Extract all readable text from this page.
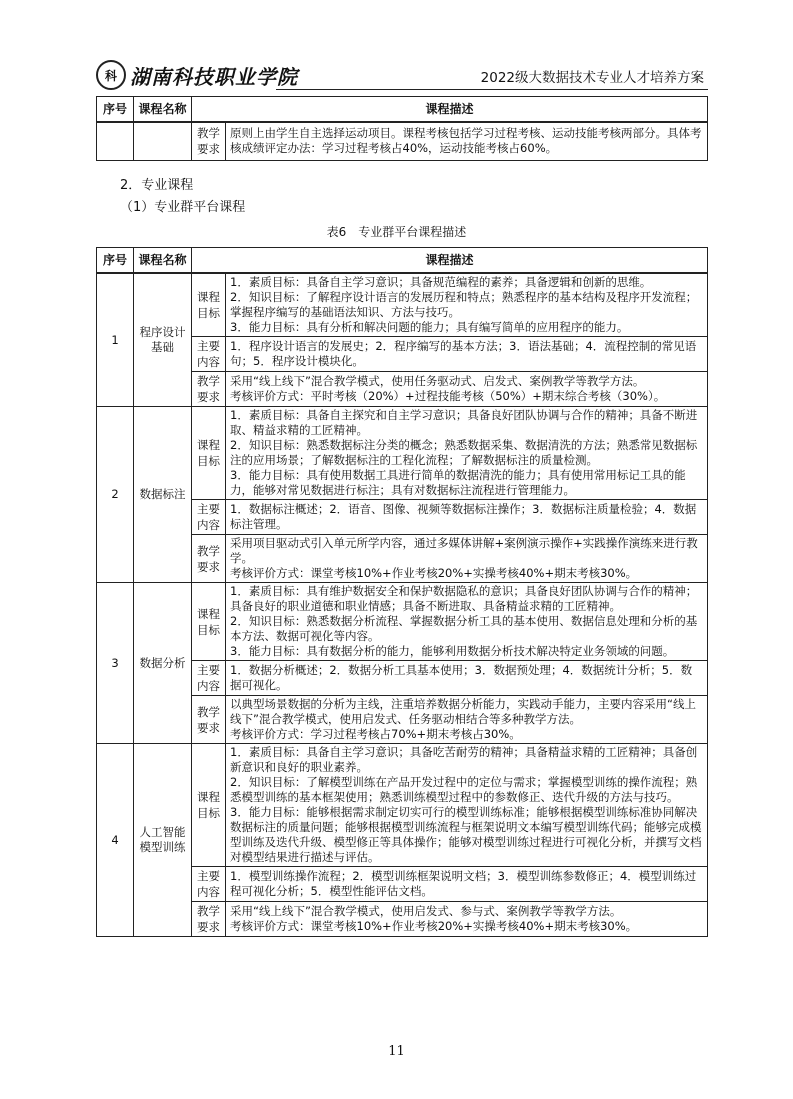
科 湖南科技职业学院	2022级大数据技术专业人才培养方案
序号	课程名称	课程描述	
		教学要求	原则上由学生自主选择运动项目。课程考核包括学习过程考核、运动技能考核两部分。具体考核成绩评定办法：学习过程考核占40%，运动技能考核占60%。
2．专业课程
（1）专业群平台课程
表6　专业群平台课程描述
序号	课程名称	课程描述	
1	程序设计基础	课程目标	1．素质目标：具备自主学习意识；具备规范编程的素养；具备逻辑和创新的思维。
2．知识目标：了解程序设计语言的发展历程和特点；熟悉程序的基本结构及程序开发流程；掌握程序编写的基础语法知识、方法与技巧。
3．能力目标：具有分析和解决问题的能力；具有编写简单的应用程序的能力。
		主要内容	1．程序设计语言的发展史；2．程序编写的基本方法；3．语法基础；4．流程控制的常见语句；5．程序设计模块化。
		教学要求	采用“线上线下”混合教学模式，使用任务驱动式、启发式、案例教学等教学方法。
考核评价方式：平时考核（20%）+过程技能考核（50%）+期末综合考核（30%）。
2	数据标注	课程目标	1．素质目标：具备自主探究和自主学习意识；具备良好团队协调与合作的精神；具备不断进取、精益求精的工匠精神。
2．知识目标：熟悉数据标注分类的概念；熟悉数据采集、数据清洗的方法；熟悉常见数据标注的应用场景；了解数据标注的工程化流程；了解数据标注的质量检测。
3．能力目标：具有使用数据工具进行简单的数据清洗的能力；具有使用常用标记工具的能力，能够对常见数据进行标注；具有对数据标注流程进行管理能力。
		主要内容	1．数据标注概述；2．语音、图像、视频等数据标注操作；3．数据标注质量检验；4．数据标注管理。
		教学要求	采用项目驱动式引入单元所学内容，通过多媒体讲解+案例演示操作+实践操作演练来进行教学。
考核评价方式：课堂考核10%+作业考核20%+实操考核40%+期末考核30%。
3	数据分析	课程目标	1．素质目标：具有维护数据安全和保护数据隐私的意识；具备良好团队协调与合作的精神；具备良好的职业道德和职业情感；具备不断进取、具备精益求精的工匠精神。
2．知识目标：熟悉数据分析流程、掌握数据分析工具的基本使用、数据信息处理和分析的基本方法、数据可视化等内容。
3．能力目标：具有数据分析的能力，能够利用数据分析技术解决特定业务领域的问题。
		主要内容	1．数据分析概述；2．数据分析工具基本使用；3．数据预处理；4．数据统计分析；5．数据可视化。
		教学要求	以典型场景数据的分析为主线，注重培养数据分析能力，实践动手能力，主要内容采用“线上线下”混合教学模式，使用启发式、任务驱动相结合等多种教学方法。
考核评价方式：学习过程考核占70%+期末考核占30%。
4	人工智能模型训练	课程目标	1．素质目标：具备自主学习意识；具备吃苦耐劳的精神；具备精益求精的工匠精神；具备创新意识和良好的职业素养。
2．知识目标：了解模型训练在产品开发过程中的定位与需求；掌握模型训练的操作流程；熟悉模型训练的基本框架使用；熟悉训练模型过程中的参数修正、迭代升级的方法与技巧。
3．能力目标：能够根据需求制定切实可行的模型训练标准；能够根据模型训练标准协同解决数据标注的质量问题；能够根据模型训练流程与框架说明文本编写模型训练代码；能够完成模型训练及迭代升级、模型修正等具体操作；能够对模型训练过程进行可视化分析，并撰写文档对模型结果进行描述与评估。
		主要内容	1．模型训练操作流程；2．模型训练框架说明文档；3．模型训练参数修正；4．模型训练过程可视化分析；5．模型性能评估文档。
		教学要求	采用“线上线下”混合教学模式，使用启发式、参与式、案例教学等教学方法。
考核评价方式：课堂考核10%+作业考核20%+实操考核40%+期末考核30%。
11
